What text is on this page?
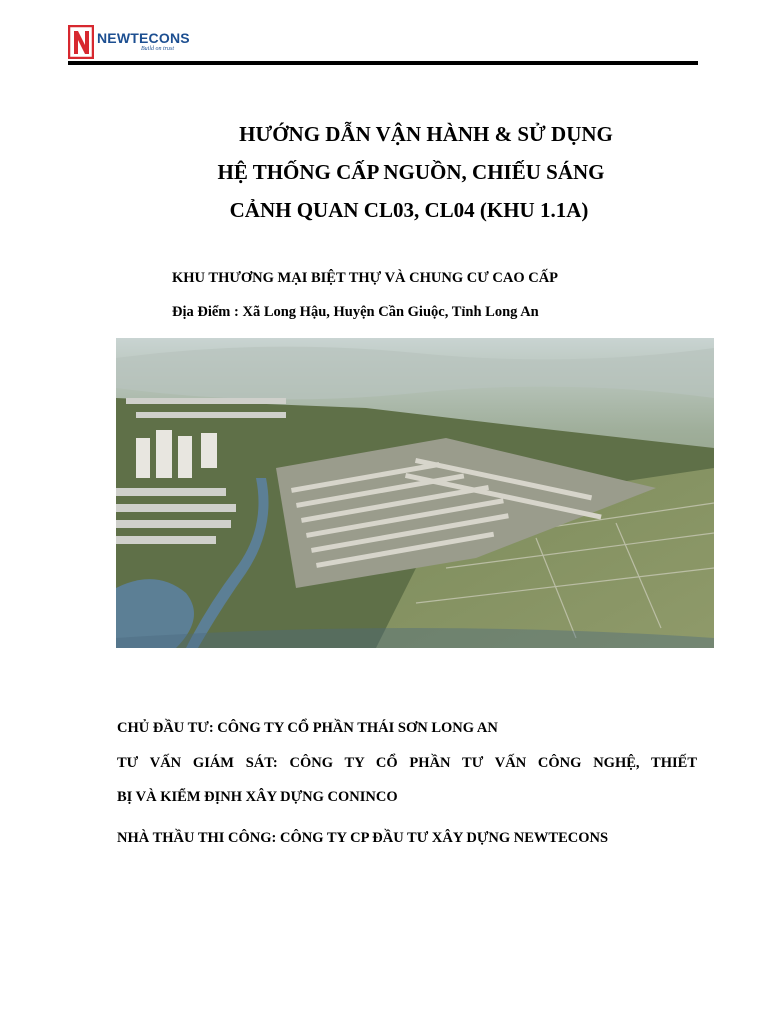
NEWTECONS
Build on trust
HƯỚNG DẪN VẬN HÀNH & SỬ DỤNG
HỆ THỐNG CẤP NGUỒN, CHIẾU SÁNG
CẢNH QUAN CL03, CL04 (KHU 1.1A)

KHU THƯƠNG MẠI BIỆT THỰ VÀ CHUNG CƯ CAO CẤP

Địa Điểm : Xã Long Hậu, Huyện Cần Giuộc, Tỉnh Long An

CHỦ ĐẦU TƯ: CÔNG TY CỔ PHẦN THÁI SƠN LONG AN

TƯ VẤN GIÁM SÁT: CÔNG TY CỔ PHẦN TƯ VẤN CÔNG NGHỆ, THIẾT

BỊ VÀ KIỂM ĐỊNH XÂY DỰNG CONINCO

NHÀ THẦU THI CÔNG: CÔNG TY CP ĐẦU TƯ XÂY DỰNG NEWTECONS
